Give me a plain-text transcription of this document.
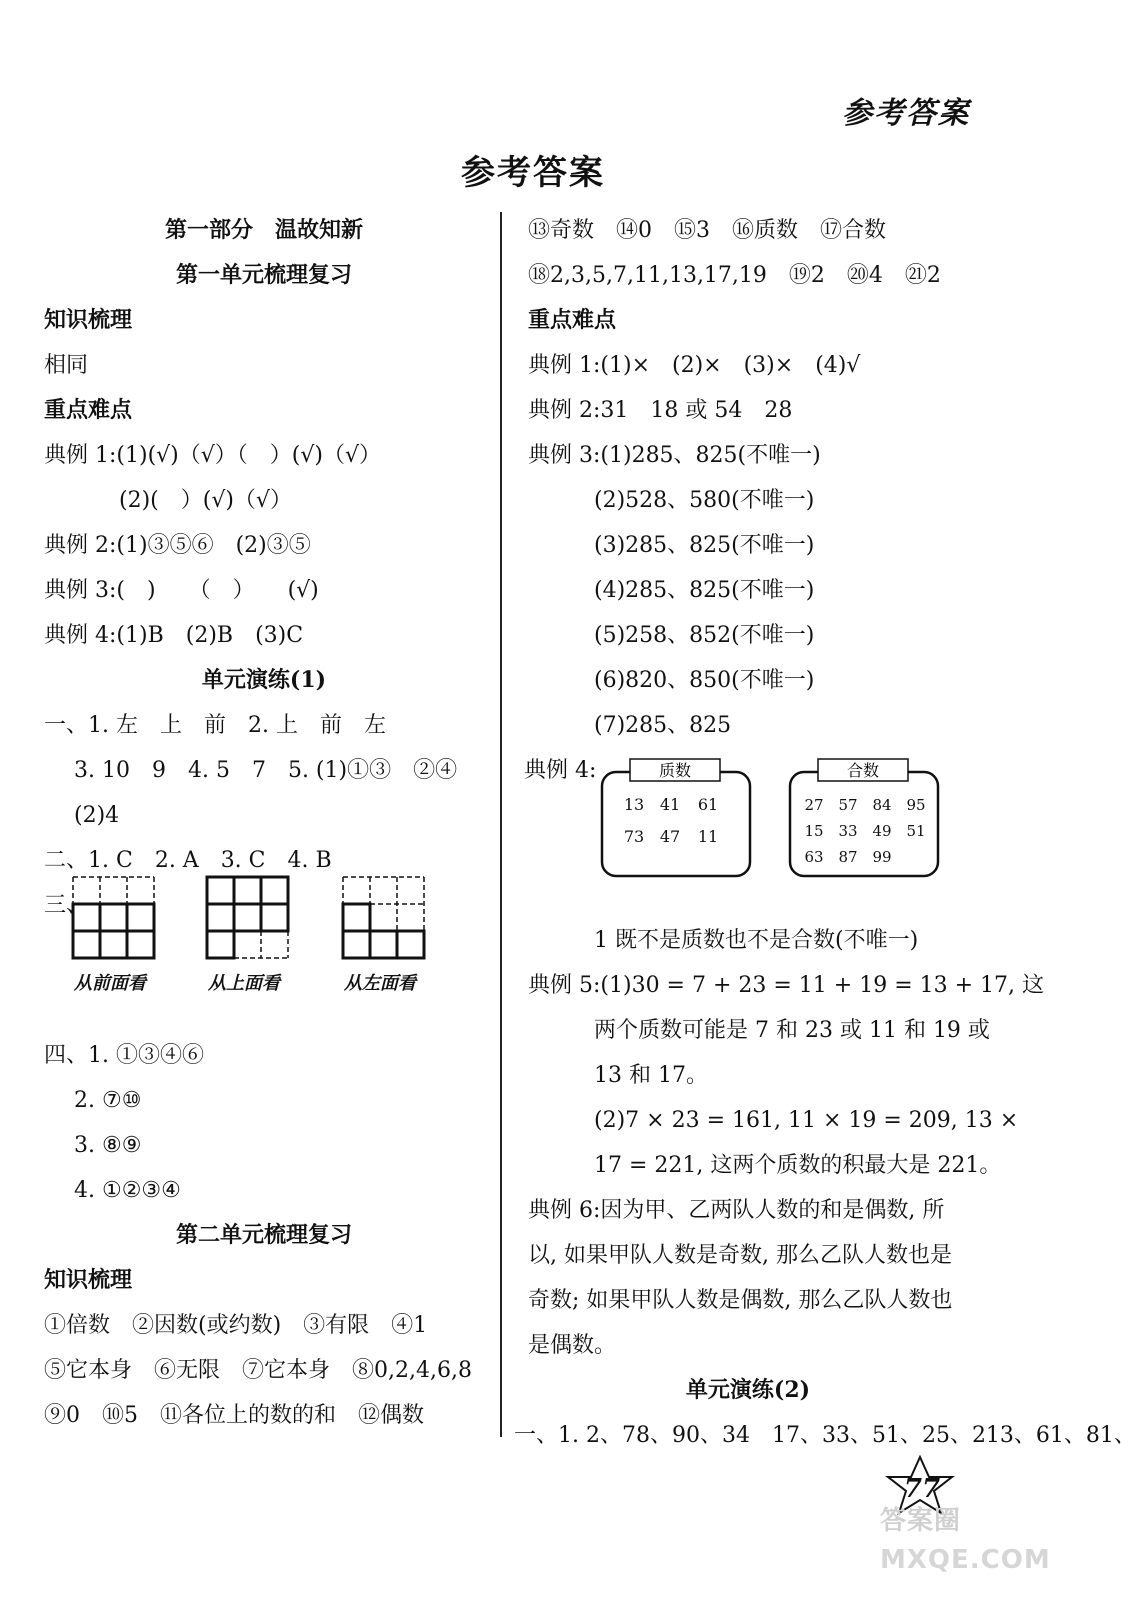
参考答案
参考答案
第一部分　温故知新
第一单元梳理复习
知识梳理
相同
重点难点
典例 1:(1)(√)（√）（　）(√)（√）
(2)(　）(√)（√）
典例 2:(1)③⑤⑥　(2)③⑤
典例 3:(　)　　（　）　　(√)
典例 4:(1)B　(2)B　(3)C
单元演练(1)
一、1. 左　上　前　2. 上　前　左
3. 10　9　4. 5　7　5. (1)①③　②④
(2)4
二、1. C　2. A　3. C　4. B
三、
从前面看	从上面看	从左面看
四、1. ①③④⑥
2. ⑦⑩
3. ⑧⑨
4. ①②③④
第二单元梳理复习
知识梳理
①倍数　②因数(或约数)　③有限　④1
⑤它本身　⑥无限　⑦它本身　⑧0,2,4,6,8
⑨0　⑩5　⑪各位上的数的和　⑫偶数
⑬奇数　⑭0　⑮3　⑯质数　⑰合数
⑱2,3,5,7,11,13,17,19　⑲2　⑳4　㉑2
重点难点
典例 1:(1)×　(2)×　(3)×　(4)√
典例 2:31　18 或 54　28
典例 3:(1)285、825(不唯一)
(2)528、580(不唯一)
(3)285、825(不唯一)
(4)285、825(不唯一)
(5)258、852(不唯一)
(6)820、850(不唯一)
(7)285、825
典例 4:	质数
13 41 61
73 47 11
合数
27 57 84 95
15 33 49 51
63 87 99
1 既不是质数也不是合数(不唯一)
典例 5:(1)30 = 7 + 23 = 11 + 19 = 13 + 17, 这
两个质数可能是 7 和 23 或 11 和 19 或
13 和 17。
(2)7 × 23 = 161, 11 × 19 = 209, 13 ×
17 = 221, 这两个质数的积最大是 221。
典例 6:因为甲、乙两队人数的和是偶数, 所
以, 如果甲队人数是奇数, 那么乙队人数也是
奇数; 如果甲队人数是偶数, 那么乙队人数也
是偶数。
单元演练(2)
一、1. 2、78、90、34　17、33、51、25、213、61、81、
77
答案圈
MXQE.COM
